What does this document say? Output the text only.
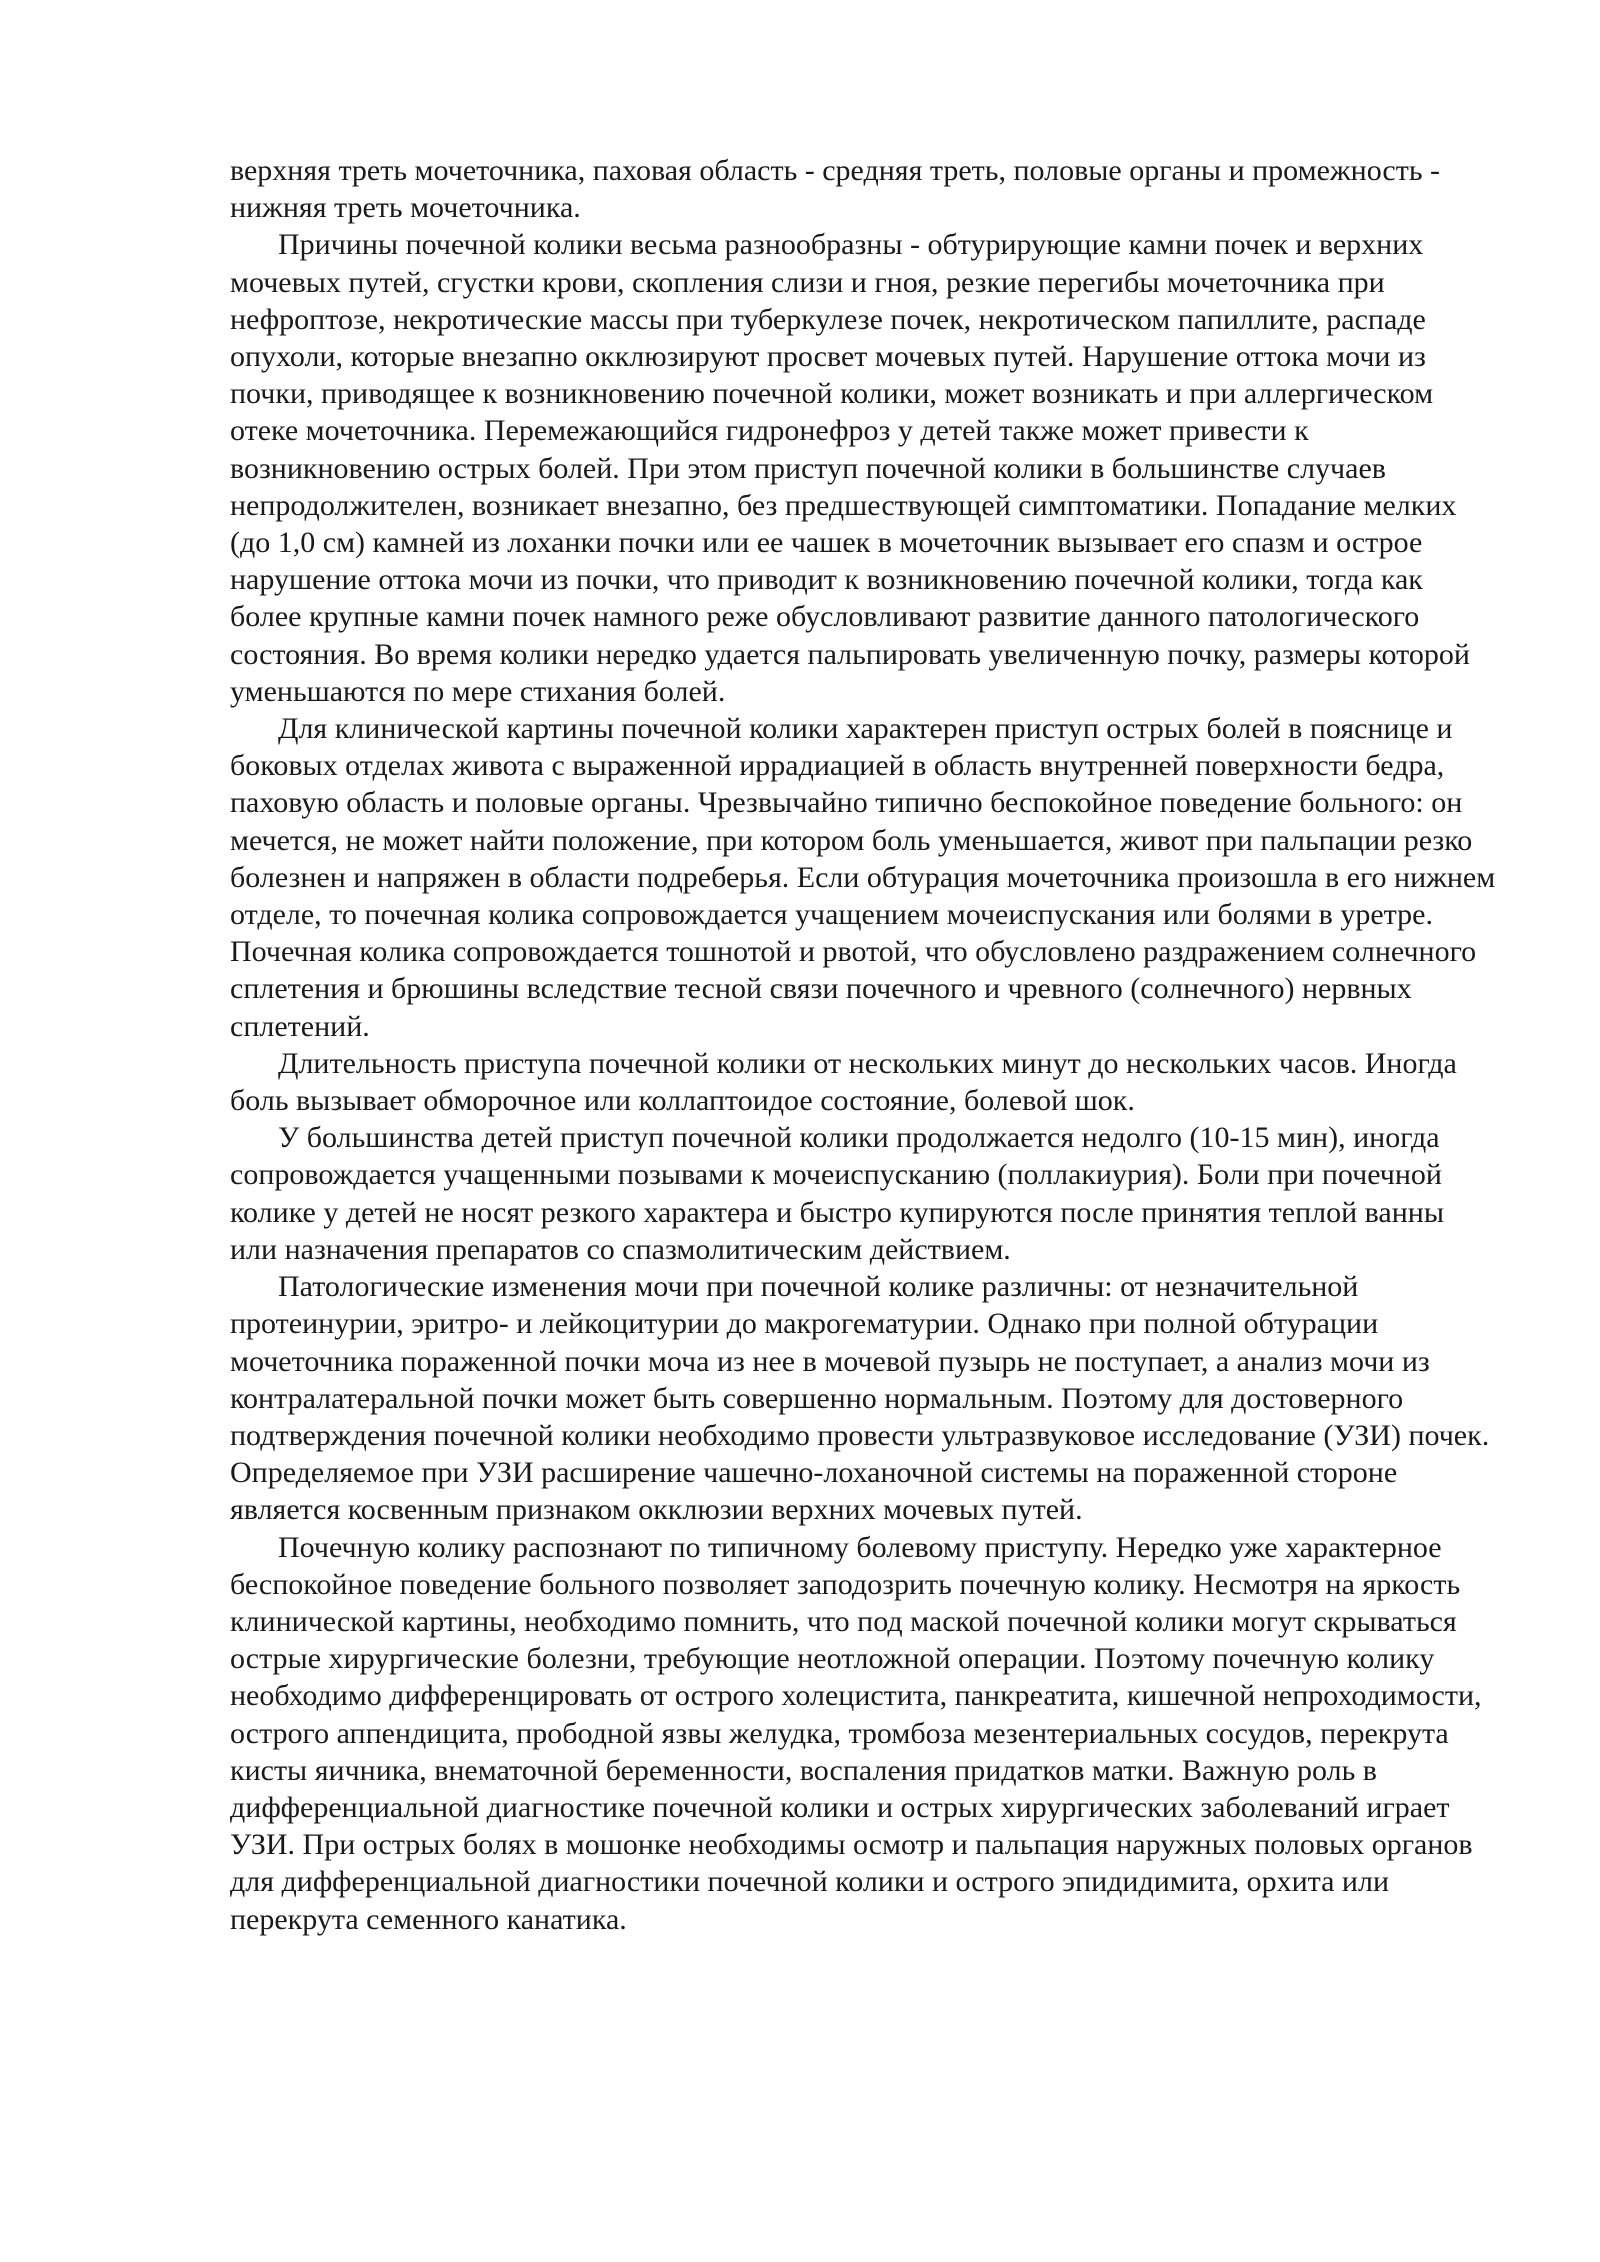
верхняя треть мочеточника, паховая область - средняя треть, половые органы и промежность - нижняя треть мочеточника.

Причины почечной колики весьма разнообразны - обтурирующие камни почек и верхних мочевых путей, сгустки крови, скопления слизи и гноя, резкие перегибы мочеточника при нефроптозе, некротические массы при туберкулезе почек, некротическом папиллите, распаде опухоли, которые внезапно окклюзируют просвет мочевых путей. Нарушение оттока мочи из почки, приводящее к возникновению почечной колики, может возникать и при аллергическом отеке мочеточника. Перемежающийся гидронефроз у детей также может привести к возникновению острых болей. При этом приступ почечной колики в большинстве случаев непродолжителен, возникает внезапно, без предшествующей симптоматики. Попадание мелких (до 1,0 см) камней из лоханки почки или ее чашек в мочеточник вызывает его спазм и острое нарушение оттока мочи из почки, что приводит к возникновению почечной колики, тогда как более крупные камни почек намного реже обусловливают развитие данного патологического состояния. Во время колики нередко удается пальпировать увеличенную почку, размеры которой уменьшаются по мере стихания болей.

Для клинической картины почечной колики характерен приступ острых болей в пояснице и боковых отделах живота с выраженной иррадиацией в область внутренней поверхности бедра, паховую область и половые органы. Чрезвычайно типично беспокойное поведение больного: он мечется, не может найти положение, при котором боль уменьшается, живот при пальпации резко болезнен и напряжен в области подреберья. Если обтурация мочеточника произошла в его нижнем отделе, то почечная колика сопровождается учащением мочеиспускания или болями в уретре. Почечная колика сопровождается тошнотой и рвотой, что обусловлено раздражением солнечного сплетения и брюшины вследствие тесной связи почечного и чревного (солнечного) нервных сплетений.

Длительность приступа почечной колики от нескольких минут до нескольких часов. Иногда боль вызывает обморочное или коллаптоидое состояние, болевой шок.

У большинства детей приступ почечной колики продолжается недолго (10-15 мин), иногда сопровождается учащенными позывами к мочеиспусканию (поллакиурия). Боли при почечной колике у детей не носят резкого характера и быстро купируются после принятия теплой ванны или назначения препаратов со спазмолитическим действием.

Патологические изменения мочи при почечной колике различны: от незначительной протеинурии, эритро- и лейкоцитурии до макрогематурии. Однако при полной обтурации мочеточника пораженной почки моча из нее в мочевой пузырь не поступает, а анализ мочи из контралатеральной почки может быть совершенно нормальным. Поэтому для достоверного подтверждения почечной колики необходимо провести ультразвуковое исследование (УЗИ) почек. Определяемое при УЗИ расширение чашечно-лоханочной системы на пораженной стороне является косвенным признаком окклюзии верхних мочевых путей.

Почечную колику распознают по типичному болевому приступу. Нередко уже характерное беспокойное поведение больного позволяет заподозрить почечную колику. Несмотря на яркость клинической картины, необходимо помнить, что под маской почечной колики могут скрываться острые хирургические болезни, требующие неотложной операции. Поэтому почечную колику необходимо дифференцировать от острого холецистита, панкреатита, кишечной непроходимости, острого аппендицита, прободной язвы желудка, тромбоза мезентериальных сосудов, перекрута кисты яичника, внематочной беременности, воспаления придатков матки. Важную роль в дифференциальной диагностике почечной колики и острых хирургических заболеваний играет УЗИ. При острых болях в мошонке необходимы осмотр и пальпация наружных половых органов для дифференциальной диагностики почечной колики и острого эпидидимита, орхита или перекрута семенного канатика.
